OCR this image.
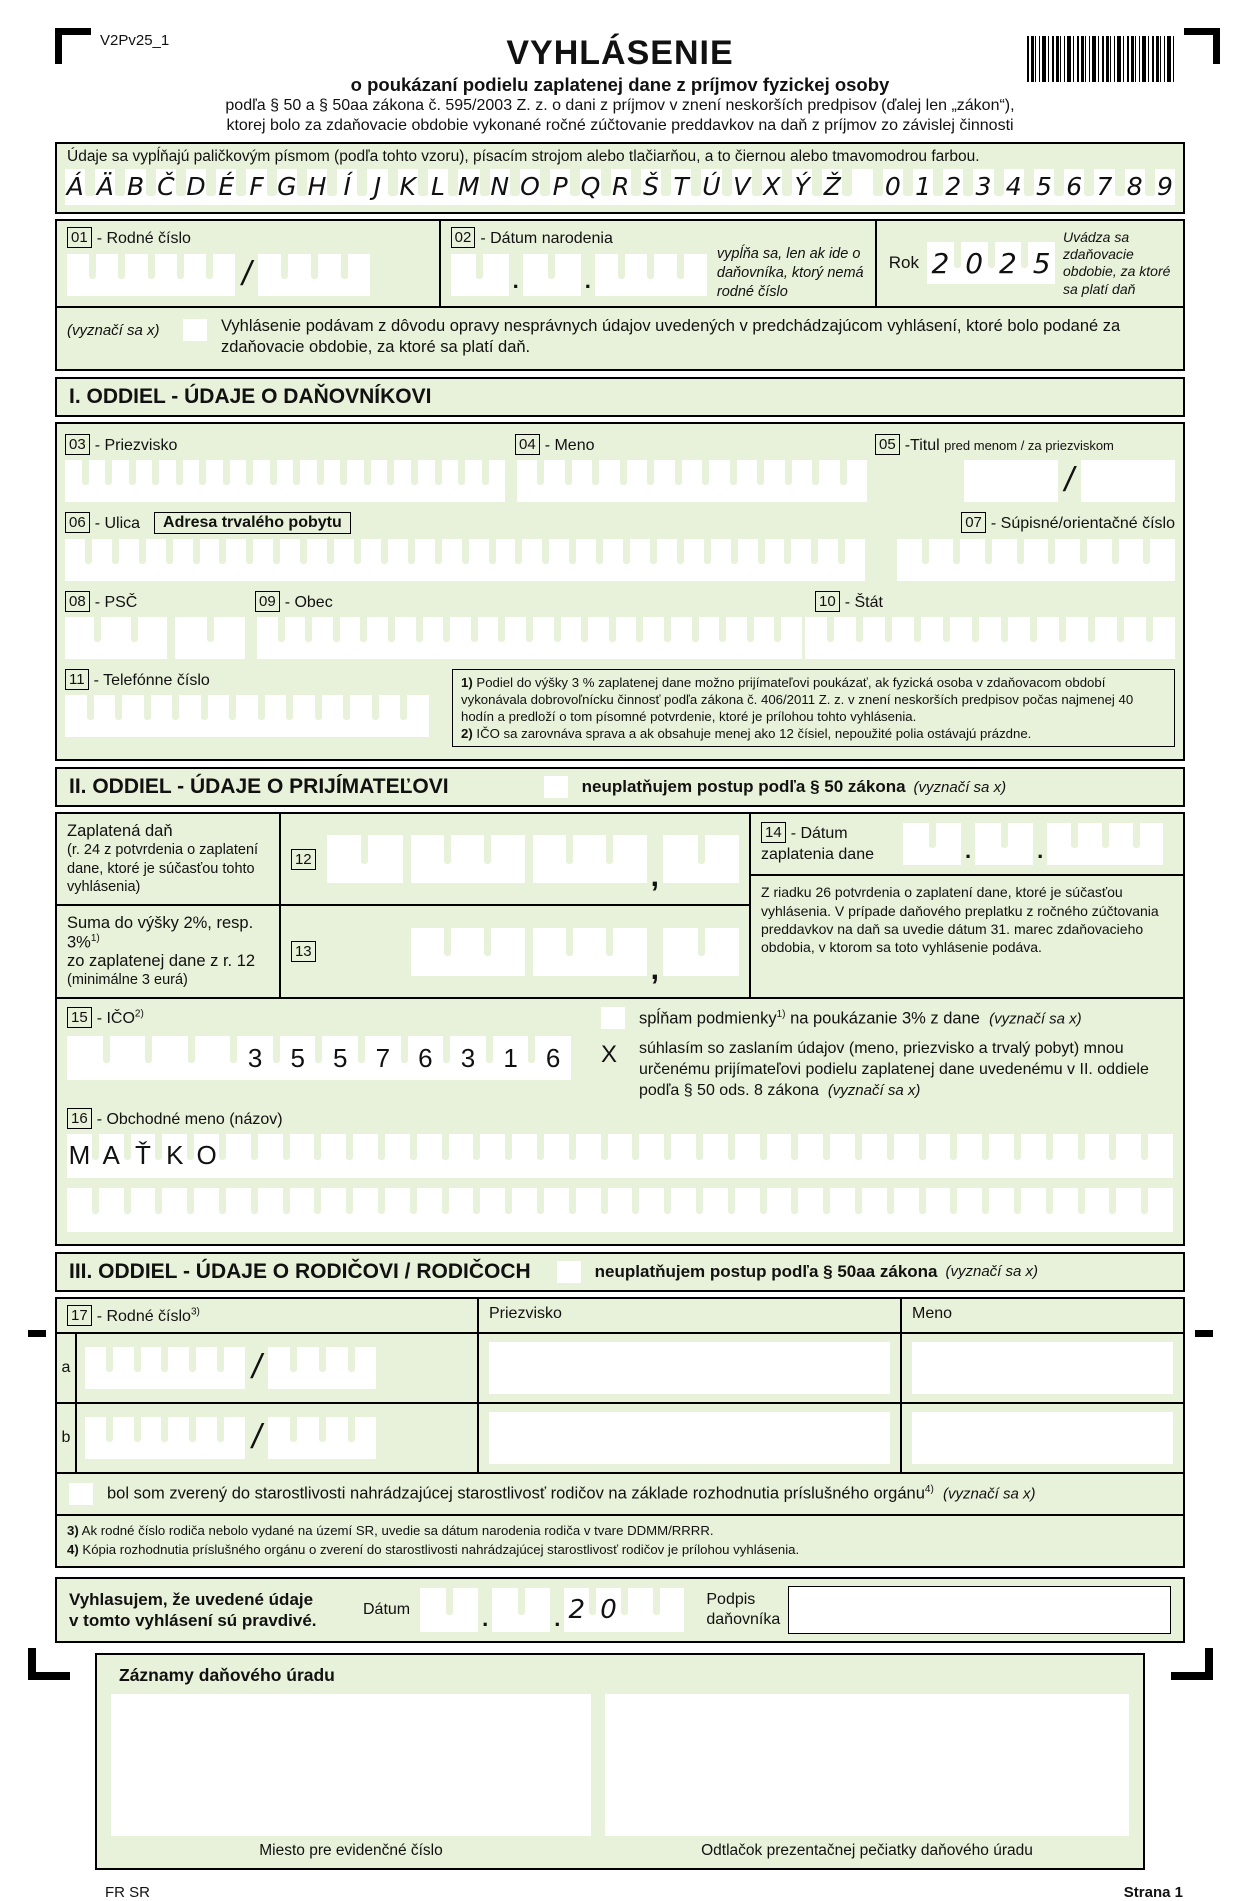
V2Pv25_1	VYHLÁSENIE
o poukázaní podielu zaplatenej dane z príjmov fyzickej osoby
podľa § 50 a § 50aa zákona č. 595/2003 Z. z. o dani z príjmov v znení neskorších predpisov (ďalej len „zákon“),
ktorej bolo za zdaňovacie obdobie vykonané ročné zúčtovanie preddavkov na daň z príjmov zo závislej činnosti
Údaje sa vypĺňajú paličkovým písmom (podľa tohto vzoru), písacím strojom alebo tlačiarňou, a to čiernou alebo tmavomodrou farbou.
Á Ä B Č D É F G H Í J K L M N O P Q R Š T Ú V X Ý Ž 0 1 2 3 4 5 6 7 8 9
01 - Rodné číslo
/
02 - Dátum narodenia
.	.
vypĺňa sa, len ak ide o daňovníka, ktorý nemá rodné číslo
Rok 2 0 2 5
Uvádza sa zdaňovacie obdobie, za ktoré sa platí daň
(vyznačí sa x)	Vyhlásenie podávam z dôvodu opravy nesprávnych údajov uvedených v predchádzajúcom vyhlásení, ktoré bolo podané za zdaňovacie obdobie, za ktoré sa platí daň.
I. ODDIEL - ÚDAJE O DAŇOVNÍKOVI
03 - Priezvisko	04 - Meno	05 -Titul pred menom / za priezviskom
/
06 - Ulica	Adresa trvalého pobytu	07 - Súpisné/orientačné číslo
08 - PSČ	09 - Obec	10 - Štát
11 - Telefónne číslo	1) Podiel do výšky 3 % zaplatenej dane možno prijímateľovi poukázať, ak fyzická osoba v zdaňovacom období vykonávala dobrovoľnícku činnosť podľa zákona č. 406/2011 Z. z. v znení neskorších predpisov počas najmenej 40 hodín a predloží o tom písomné potvrdenie, ktoré je prílohou tohto vyhlásenia.
2) IČO sa zarovnáva sprava a ak obsahuje menej ako 12 čísiel, nepoužité polia ostávajú prázdne.
II. ODDIEL - ÚDAJE O PRIJÍMATEĽOVI	neuplatňujem postup podľa § 50 zákona (vyznačí sa x)
Zaplatená daň
(r. 24 z potvrdenia o zaplatení dane, ktoré je súčasťou tohto vyhlásenia)
12
,
Suma do výšky 2%, resp. 3%$^{1)}$
zo zaplatenej dane z r. 12
(minimálne 3 eurá)
13
,
14 - Dátum
zaplatenia dane	.	.
Z riadku 26 potvrdenia o zaplatení dane, ktoré je súčasťou vyhlásenia. V prípade daňového preplatku z ročného zúčtovania preddavkov na daň sa uvedie dátum 31. marec zdaňovacieho obdobia, v ktorom sa toto vyhlásenie podáva.
15 - IČO$^{2)}$
3	5	5	7	6	3	1	6
spĺňam podmienky$^{1)}$ na poukázanie 3% z dane (vyznačí sa x)
X	súhlasím so zaslaním údajov (meno, priezvisko a trvalý pobyt) mnou určenému prijímateľovi podielu zaplatenej dane uvedenému v II. oddiele podľa § 50 ods. 8 zákona (vyznačí sa x)
16 - Obchodné meno (názov)
M A Ť K O
III. ODDIEL - ÚDAJE O RODIČOVI / RODIČOCH	neuplatňujem postup podľa § 50aa zákona (vyznačí sa x)
17 - Rodné číslo$^{3)}$	Priezvisko	Meno
a	/
b	/
bol som zverený do starostlivosti nahrádzajúcej starostlivosť rodičov na základe rozhodnutia príslušného orgánu$^{4)}$ (vyznačí sa x)
3) Ak rodné číslo rodiča nebolo vydané na území SR, uvedie sa dátum narodenia rodiča v tvare DDMM/RRRR.
4) Kópia rozhodnutia príslušného orgánu o zverení do starostlivosti nahrádzajúcej starostlivosť rodičov je prílohou vyhlásenia.
Vyhlasujem, že uvedené údaje
v tomto vyhlásení sú pravdivé.
Dátum	.	. 2 0	Podpis
daňovníka
Záznamy daňového úradu
Miesto pre evidenčné číslo	Odtlačok prezentačnej pečiatky daňového úradu
FR SR	Strana 1
